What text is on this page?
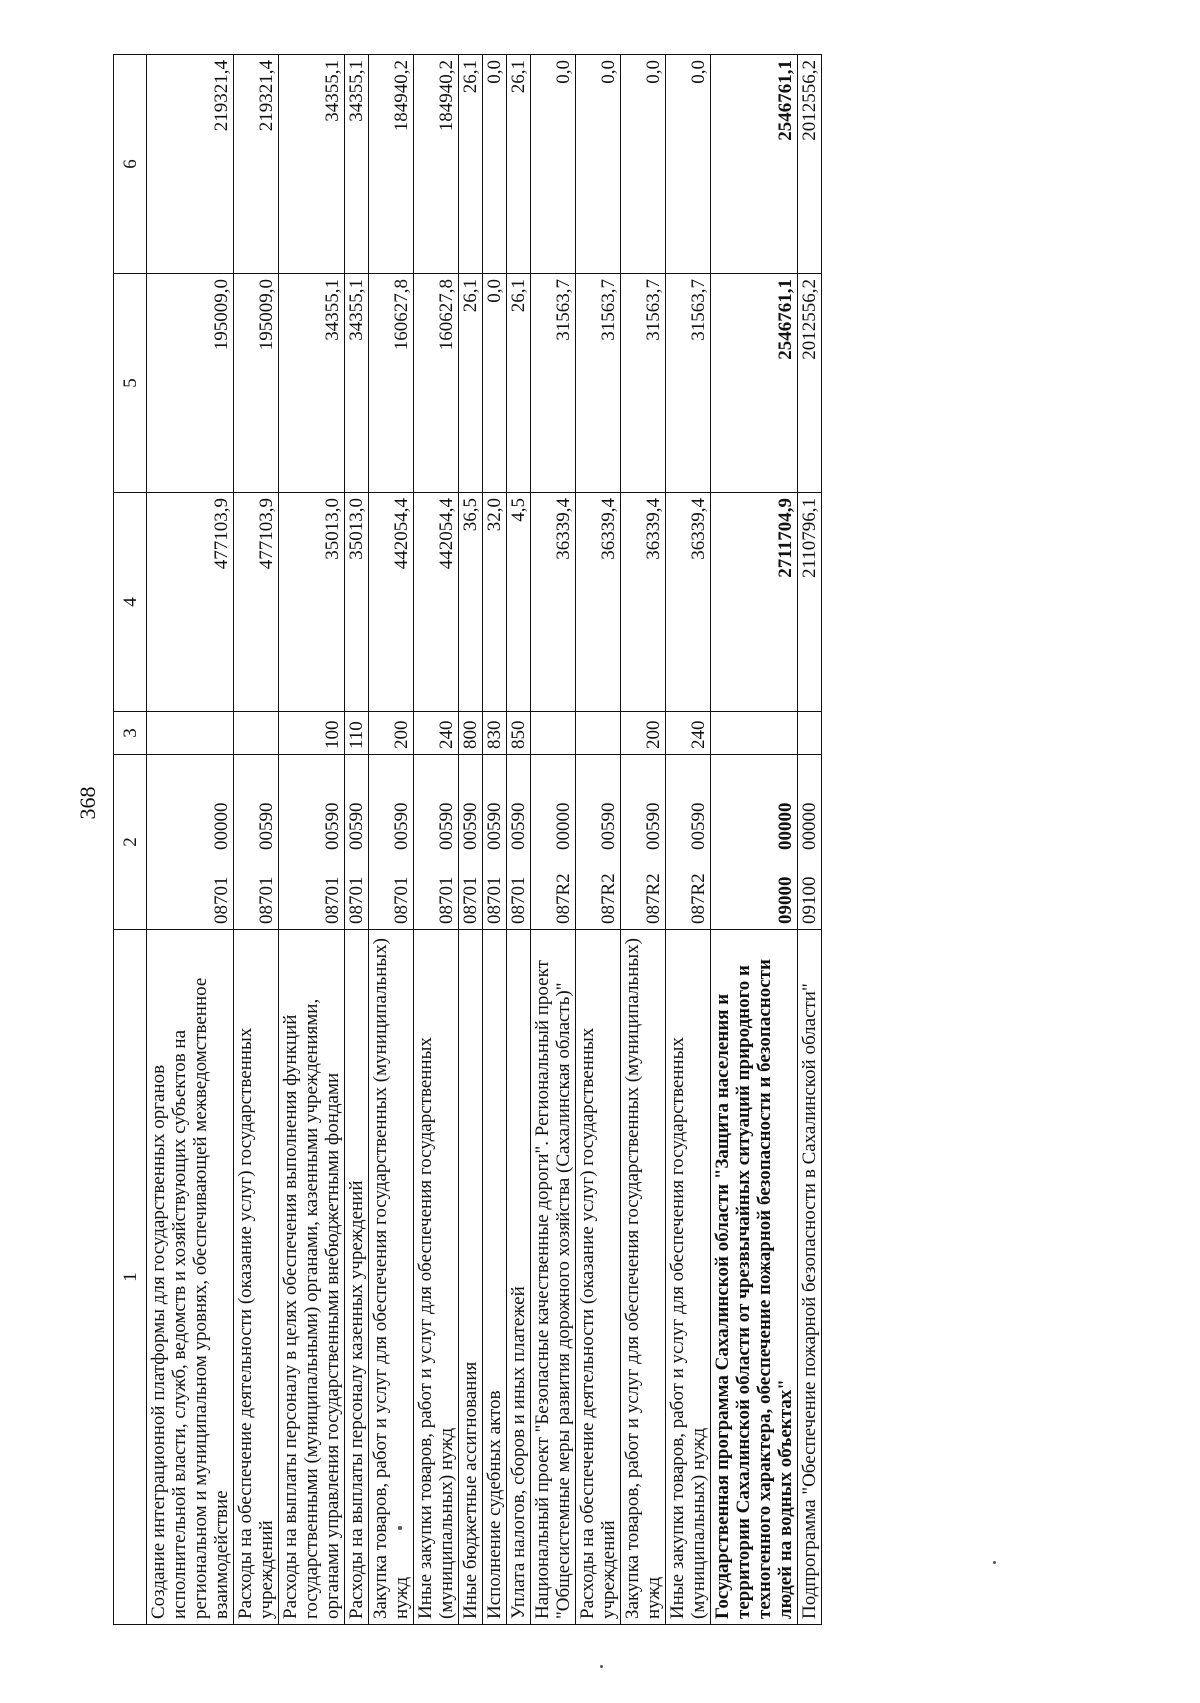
368
1	2	3	4	5	6
Создание интеграционной платформы для государственных органов исполнительной власти, служб, ведомств и хозяйствующих субъектов на региональном и муниципальном уровнях, обеспечивающей межведомственное взаимодействие	0870100000		477103,9	195009,0	219321,4
Расходы на обеспечение деятельности (оказание услуг) государственных учреждений	0870100590		477103,9	195009,0	219321,4
Расходы на выплаты персоналу в целях обеспечения выполнения функций государственными (муниципальными) органами, казенными учреждениями, органами управления государственными внебюджетными фондами	0870100590	100	35013,0	34355,1	34355,1
Расходы на выплаты персоналу казенных учреждений	0870100590	110	35013,0	34355,1	34355,1
Закупка товаров, работ и услуг для обеспечения государственных (муниципальных) нужд	0870100590	200	442054,4	160627,8	184940,2
Иные закупки товаров, работ и услуг для обеспечения государственных (муниципальных) нужд	0870100590	240	442054,4	160627,8	184940,2
Иные бюджетные ассигнования	0870100590	800	36,5	26,1	26,1
Исполнение судебных актов	0870100590	830	32,0	0,0	0,0
Уплата налогов, сборов и иных платежей	0870100590	850	4,5	26,1	26,1
Национальный проект "Безопасные качественные дороги". Региональный проект "Общесистемные меры развития дорожного хозяйства (Сахалинская область)"	087R200000		36339,4	31563,7	0,0
Расходы на обеспечение деятельности (оказание услуг) государственных учреждений	087R200590		36339,4	31563,7	0,0
Закупка товаров, работ и услуг для обеспечения государственных (муниципальных) нужд	087R200590	200	36339,4	31563,7	0,0
Иные закупки товаров, работ и услуг для обеспечения государственных (муниципальных) нужд	087R200590	240	36339,4	31563,7	0,0
Государственная программа Сахалинской области "Защита населения и территории Сахалинской области от чрезвычайных ситуаций природного и техногенного характера, обеспечение пожарной безопасности и безопасности людей на водных объектах"	0900000000		2711704,9	2546761,1	2546761,1
Подпрограмма "Обеспечение пожарной безопасности в Сахалинской области"	0910000000		2110796,1	2012556,2	2012556,2
